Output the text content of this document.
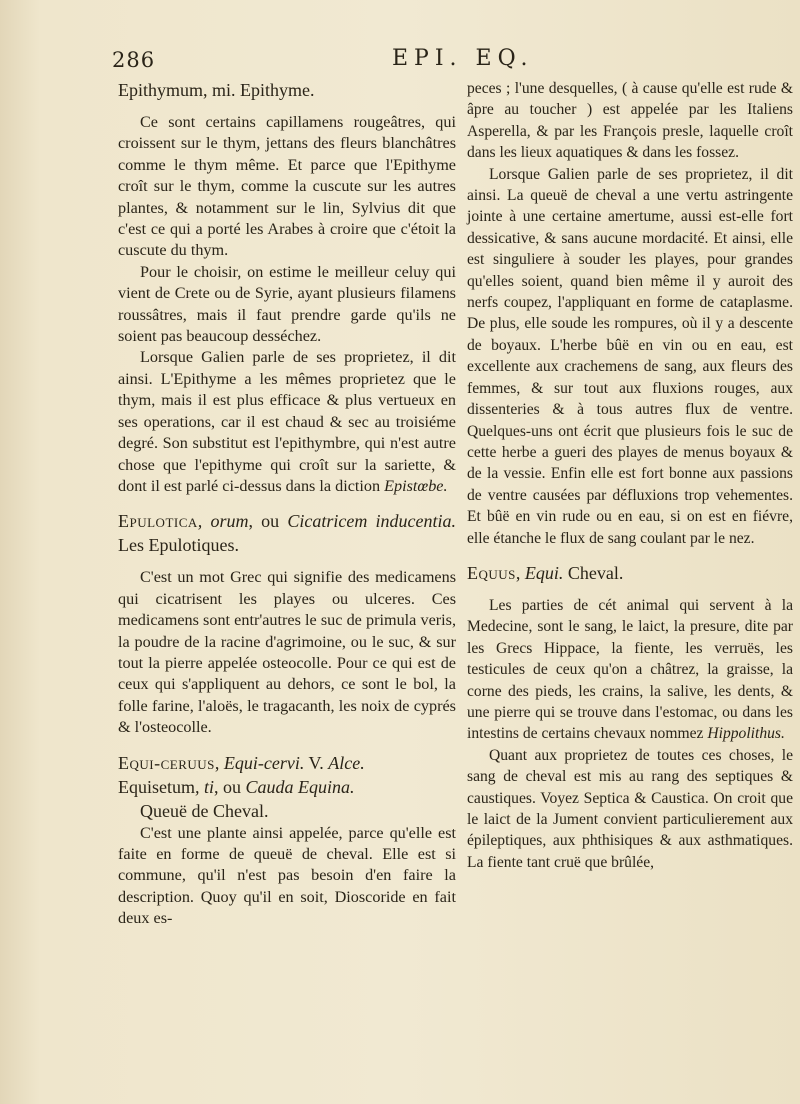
286	EPI. EQ.
Epithymum, mi. Epithyme.

Ce sont certains capillamens rougeâtres, qui croissent sur le thym, jettans des fleurs blanchâtres comme le thym même. Et parce que l'Epithyme croît sur le thym, comme la cuscute sur les autres plantes, & notamment sur le lin, Sylvius dit que c'est ce qui a porté les Arabes à croire que c'étoit la cuscute du thym.

Pour le choisir, on estime le meilleur celuy qui vient de Crete ou de Syrie, ayant plusieurs filamens roussâtres, mais il faut prendre garde qu'ils ne soient pas beaucoup desséchez.

Lorsque Galien parle de ses proprietez, il dit ainsi. L'Epithyme a les mêmes proprietez que le thym, mais il est plus efficace & plus vertueux en ses operations, car il est chaud & sec au troisiéme degré. Son substitut est l'epithymbre, qui n'est autre chose que l'epithyme qui croît sur la sariette, & dont il est parlé ci-dessus dans la diction Epistœbe.

Epulotica, orum, ou Cicatricem inducentia. Les Epulotiques.

C'est un mot Grec qui signifie des medicamens qui cicatrisent les playes ou ulceres. Ces medicamens sont entr'autres le suc de primula veris, la poudre de la racine d'agrimoine, ou le suc, & sur tout la pierre appelée osteocolle. Pour ce qui est de ceux qui s'appliquent au dehors, ce sont le bol, la folle farine, l'aloës, le tragacanth, les noix de cyprés & l'osteocolle.

Equi-ceruus, Equi-cervi. V. Alce.
Equisetum, ti, ou Cauda Equina.
Queuë de Cheval.

C'est une plante ainsi appelée, parce qu'elle est faite en forme de queuë de cheval. Elle est si commune, qu'il n'est pas besoin d'en faire la description. Quoy qu'il en soit, Dioscoride en fait deux es-

peces ; l'une desquelles, ( à cause qu'elle est rude & âpre au toucher ) est appelée par les Italiens Asperella, & par les François presle, laquelle croît dans les lieux aquatiques & dans les fossez.

Lorsque Galien parle de ses proprietez, il dit ainsi. La queuë de cheval a une vertu astringente jointe à une certaine amertume, aussi est-elle fort dessicative, & sans aucune mordacité. Et ainsi, elle est singuliere à souder les playes, pour grandes qu'elles soient, quand bien même il y auroit des nerfs coupez, l'appliquant en forme de cataplasme. De plus, elle soude les rompures, où il y a descente de boyaux. L'herbe bûë en vin ou en eau, est excellente aux crachemens de sang, aux fleurs des femmes, & sur tout aux fluxions rouges, aux dissenteries & à tous autres flux de ventre. Quelques-uns ont écrit que plusieurs fois le suc de cette herbe a gueri des playes de menus boyaux & de la vessie. Enfin elle est fort bonne aux passions de ventre causées par défluxions trop vehementes. Et bûë en vin rude ou en eau, si on est en fiévre, elle étanche le flux de sang coulant par le nez.

Equus, Equi. Cheval.

Les parties de cét animal qui servent à la Medecine, sont le sang, le laict, la presure, dite par les Grecs Hippace, la fiente, les verruës, les testicules de ceux qu'on a châtrez, la graisse, la corne des pieds, les crains, la salive, les dents, & une pierre qui se trouve dans l'estomac, ou dans les intestins de certains chevaux nommez Hippolithus.

Quant aux proprietez de toutes ces choses, le sang de cheval est mis au rang des septiques & caustiques. Voyez Septica & Caustica. On croit que le laict de la Jument convient particulierement aux épileptiques, aux phthisiques & aux asthmatiques. La fiente tant cruë que brûlée,
